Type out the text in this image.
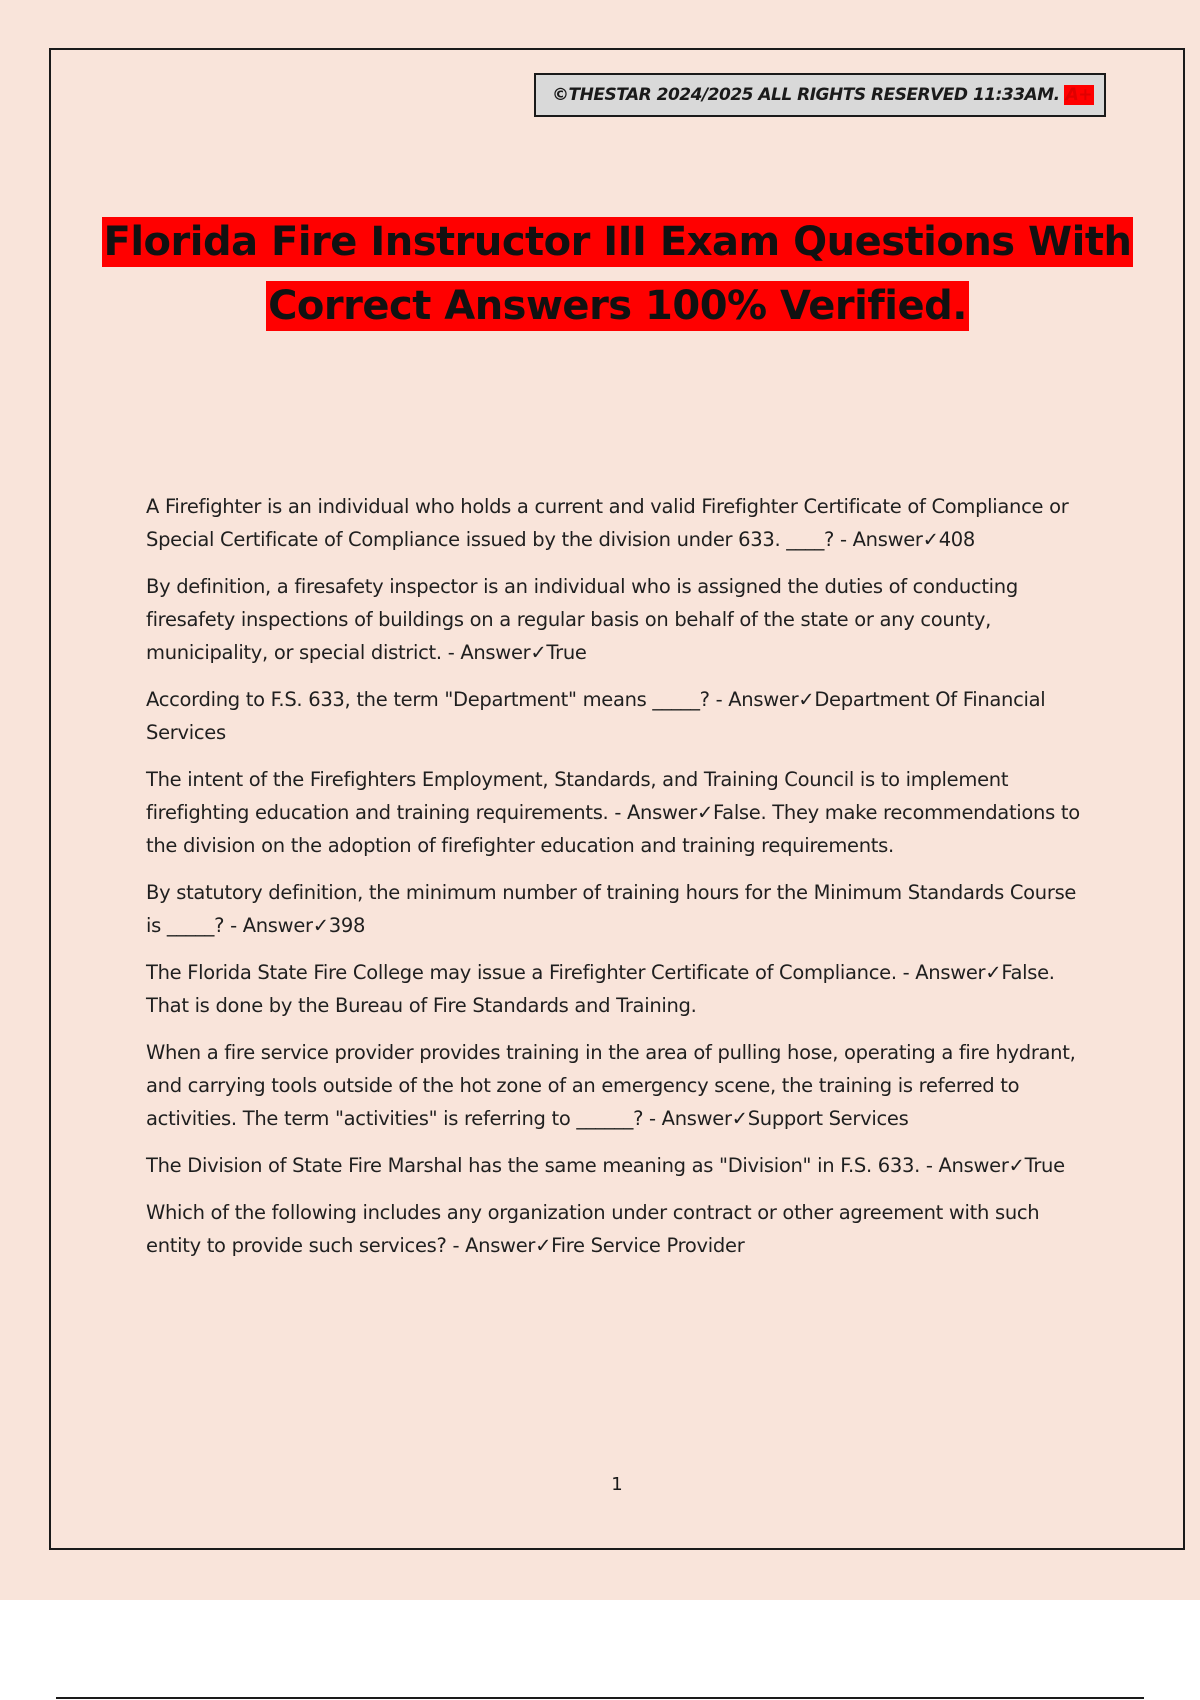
©THESTAR 2024/2025 ALL RIGHTS RESERVED 11:33AM. A+
Florida Fire Instructor III Exam Questions With
Correct Answers 100% Verified.

A Firefighter is an individual who holds a current and valid Firefighter Certificate of Compliance or Special Certificate of Compliance issued by the division under 633. ____? - Answer✓408

By definition, a firesafety inspector is an individual who is assigned the duties of conducting firesafety inspections of buildings on a regular basis on behalf of the state or any county, municipality, or special district. - Answer✓True

According to F.S. 633, the term "Department" means _____? - Answer✓Department Of Financial Services

The intent of the Firefighters Employment, Standards, and Training Council is to implement firefighting education and training requirements. - Answer✓False. They make recommendations to the division on the adoption of firefighter education and training requirements.

By statutory definition, the minimum number of training hours for the Minimum Standards Course is _____? - Answer✓398

The Florida State Fire College may issue a Firefighter Certificate of Compliance. - Answer✓False. That is done by the Bureau of Fire Standards and Training.

When a fire service provider provides training in the area of pulling hose, operating a fire hydrant, and carrying tools outside of the hot zone of an emergency scene, the training is referred to activities. The term "activities" is referring to ______? - Answer✓Support Services

The Division of State Fire Marshal has the same meaning as "Division" in F.S. 633. - Answer✓True

Which of the following includes any organization under contract or other agreement with such entity to provide such services? - Answer✓Fire Service Provider

1
